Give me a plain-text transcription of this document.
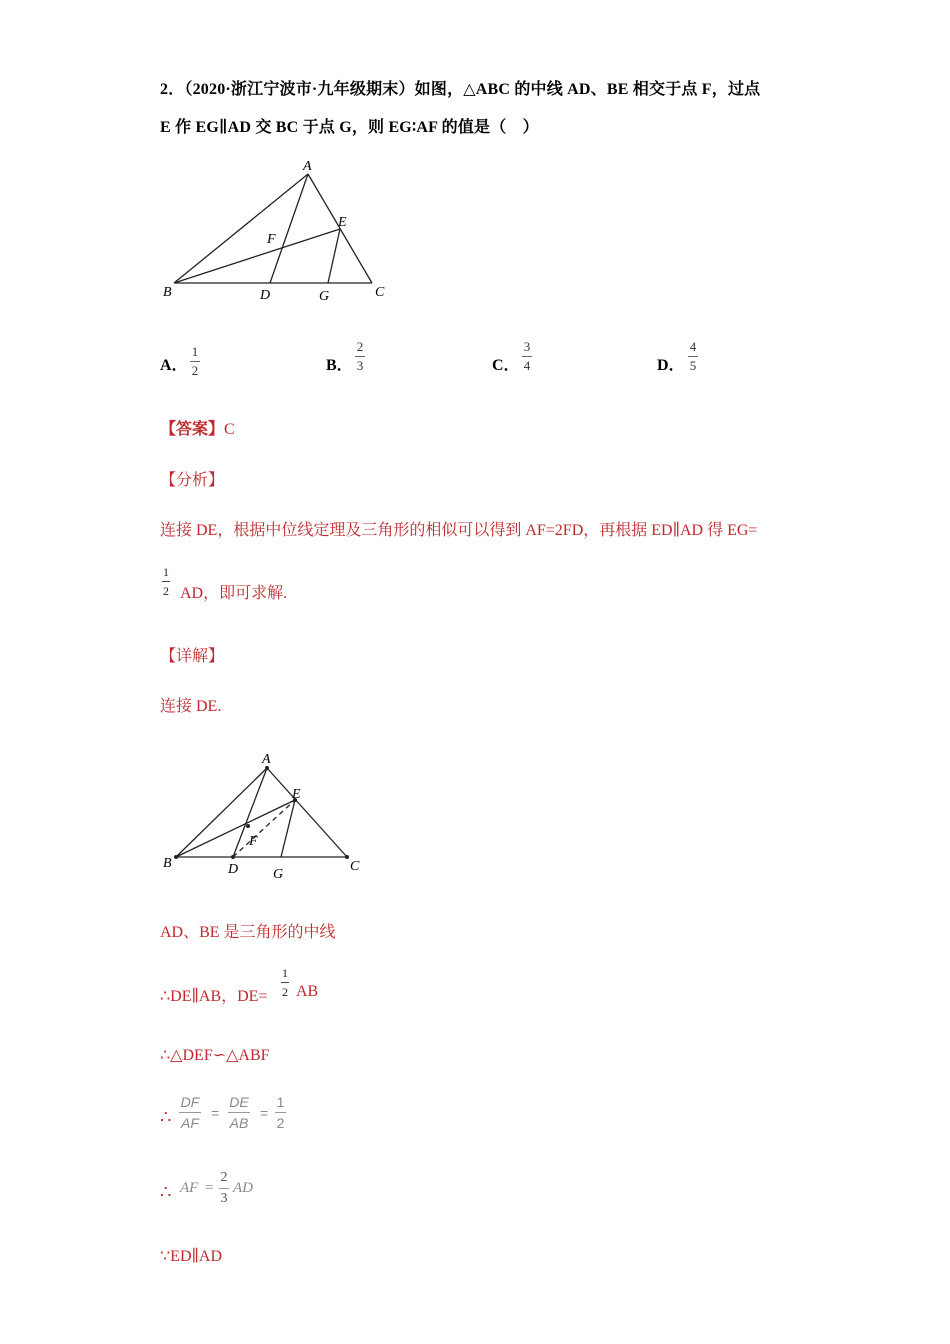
2．（2020·浙江宁波市·九年级期末）如图，△ABC 的中线 AD、BE 相交于点 F，过点
E 作 EG∥AD 交 BC 于点 G，则 EG∶AF 的值是（　）
A
B	C
D
E
F
G
A．
1
2	B．
2
3	C．
3
4	D．
4
5
【答案】C
【分析】
连接 DE，根据中位线定理及三角形的相似可以得到 AF=2FD，再根据 ED∥AD 得 EG=
1
2 AD，即可求解.
【详解】
连接 DE.
A
B	C
D
E
F
G
AD、BE 是三角形的中线
∴DE∥AB，DE=
1
2 AB
∴△DEF∽△ABF
∴
DF
AF
=
DE
AB
=
1
2
∴ AF =
2
3
AD
∵ED∥AD
